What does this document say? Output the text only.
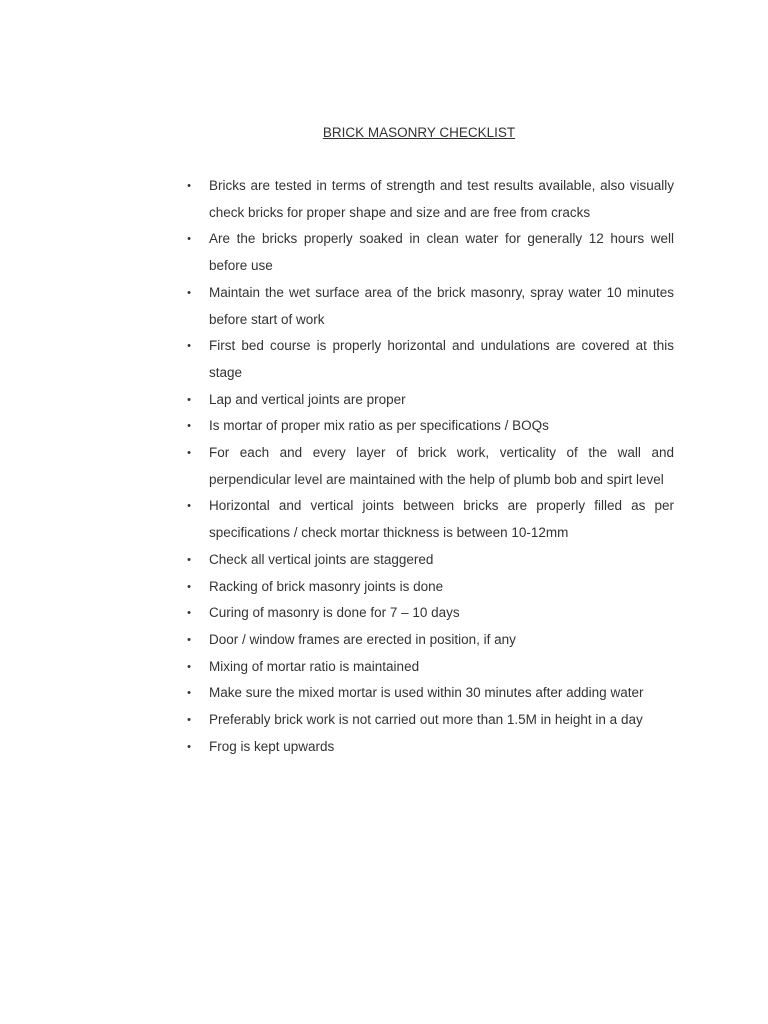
BRICK MASONRY CHECKLIST
• Bricks are tested in terms of strength and test results available, also visually check bricks for proper shape and size and are free from cracks
• Are the bricks properly soaked in clean water for generally 12 hours well before use
• Maintain the wet surface area of the brick masonry, spray water 10 minutes before start of work
• First bed course is properly horizontal and undulations are covered at this stage
• Lap and vertical joints are proper
• Is mortar of proper mix ratio as per specifications / BOQs
• For each and every layer of brick work, verticality of the wall and perpendicular level are maintained with the help of plumb bob and spirt level
• Horizontal and vertical joints between bricks are properly filled as per specifications / check mortar thickness is between 10-12mm
• Check all vertical joints are staggered
• Racking of brick masonry joints is done
• Curing of masonry is done for 7 – 10 days
• Door / window frames are erected in position, if any
• Mixing of mortar ratio is maintained
• Make sure the mixed mortar is used within 30 minutes after adding water
• Preferably brick work is not carried out more than 1.5M in height in a day
• Frog is kept upwards
